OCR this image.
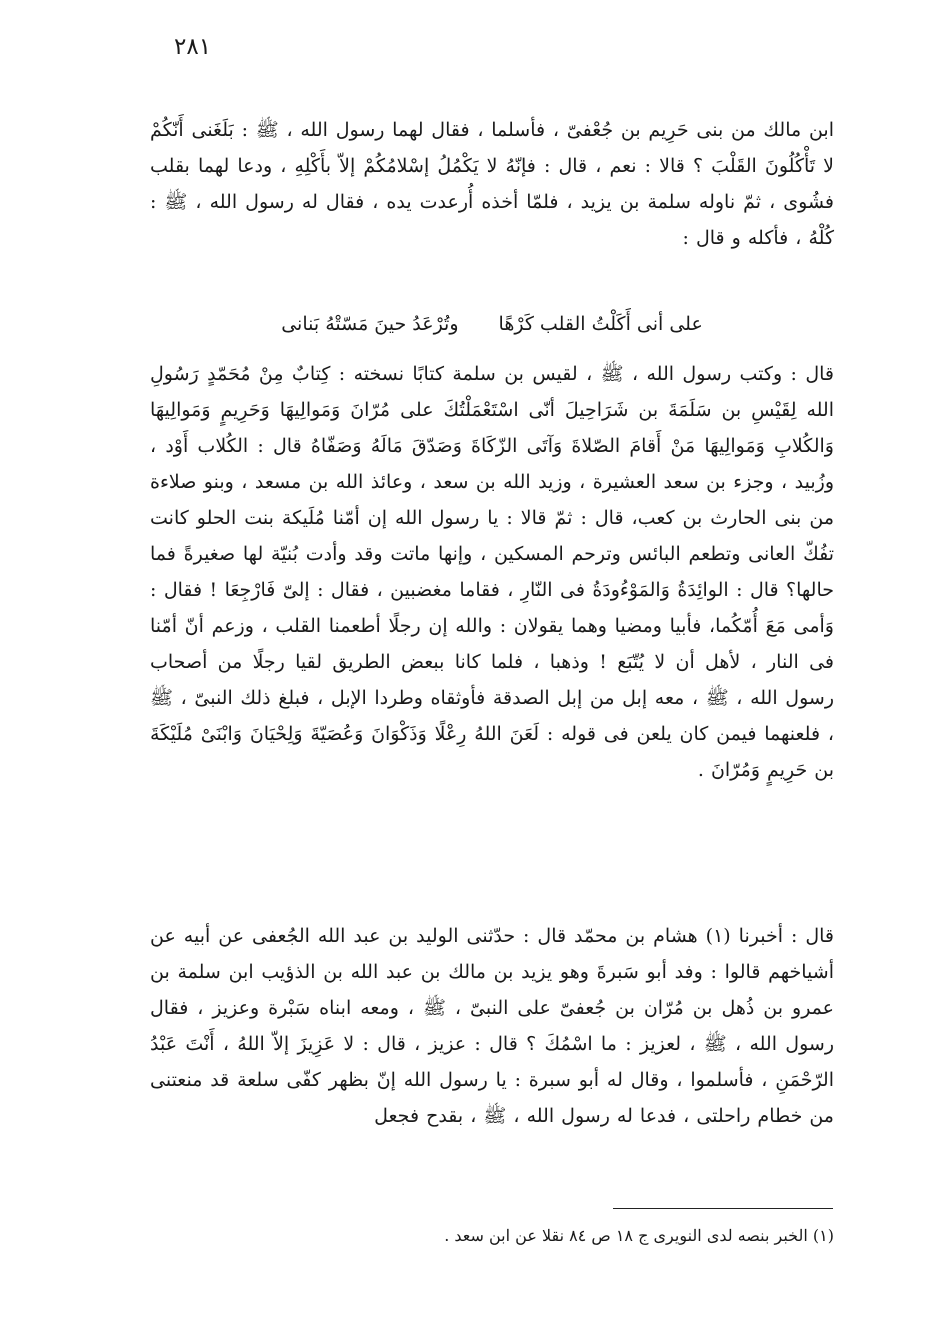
٢٨١

ابن مالك من بنى حَرِيم بن جُعْفىّ ، فأسلما ، فقال لهما رسول الله ، ﷺ : بَلَغَنى أَنّكُمْ لا تَأْكُلُونَ القَلْبَ ؟ قالا : نعم ، قال : فإنّهُ لا يَكْمُلُ إسْلامُكُمْ إلاّ بأَكْلِهِ ، ودعا لهما بقلب فشُوى ، ثمّ ناوله سلمة بن يزيد ، فلمّا أخذه أُرعدت يده ، فقال له رسول الله ، ﷺ : كُلْهُ ، فأكله و قال :

على أنى أَكَلْتُ القلب كَرْهًا
وتُرْعَدُ حينَ مَسّتْهُ بَنانى

قال : وكتب رسول الله ، ﷺ ، لقيس بن سلمة كتابًا نسخته : كِتابٌ مِنْ مُحَمّدٍ رَسُولِ الله لِقَيْسِ بن سَلَمَةَ بن شَرَاحِيلَ أنّى اسْتَعْمَلْتُكَ على مُرّانَ وَمَوالِيهَا وَحَرِيمٍ وَمَوالِيهَا وَالكُلابِ وَمَوالِيهَا مَنْ أَقامَ الصّلاةَ وَآتَى الزّكَاةَ وَصَدّقَ مَالَهُ وَصَفّاهُ قال : الكُلاب أَوْد ، وزُبيد ، وجزء بن سعد العشيرة ، وزيد الله بن سعد ، وعائذ الله بن مسعد ، وبنو صلاءة من بنى الحارث بن كعب، قال : ثمّ قالا : يا رسول الله إن أمّنا مُلَيكة بنت الحلو كانت تفُكّ العانى وتطعم البائس وترحم المسكين ، وإنها ماتت وقد وأدت بُنيّة لها صغيرةً فما حالها؟ قال : الوائِدَةُ وَالمَوْءُودَةُ فى النّارِ ، فقاما مغضبين ، فقال : إلىّ فَارْجِعَا ! فقال : وَأمى مَعَ أُمّكُما، فأبيا ومضيا وهما يقولان : والله إن رجلًا أطعمنا القلب ، وزعم أنّ أمّنا فى النار ، لأهل أن لا يُتّبَع ! وذهبا ، فلما كانا ببعض الطريق لقيا رجلًا من أصحاب رسول الله ، ﷺ ، معه إبل من إبل الصدقة فأوثقاه وطردا الإبل ، فبلغ ذلك النبىّ ، ﷺ ، فلعنهما فيمن كان يلعن فى قوله : لَعَنَ اللهُ رِعْلًا وَذَكْوَانَ وَعُصَيّةَ وَلِحْيَانَ وَابْنَىْ مُلَيْكَةَ بن حَرِيمٍ وَمُرّانَ .

قال : أخبرنا (١) هشام بن محمّد قال : حدّثنى الوليد بن عبد الله الجُعفى عن أبيه عن أشياخهم قالوا : وفد أبو سَبرةَ وهو يزيد بن مالك بن عبد الله بن الذؤيب ابن سلمة بن عمرو بن ذُهل بن مُرّان بن جُعفىّ على النبىّ ، ﷺ ، ومعه ابناه سَبْرة وعزيز ، فقال رسول الله ، ﷺ ، لعزيز : ما اسْمُكَ ؟ قال : عزيز ، قال : لا عَزِيزَ إلاّ اللهُ ، أَنْتَ عَبْدُ الرّحْمَنِ ، فأسلموا ، وقال له أبو سبرة : يا رسول الله إنّ بظهر كفّى سلعة قد منعتنى من خطام راحلتى ، فدعا له رسول الله ، ﷺ ، بقدح فجعل

(١) الخبر بنصه لدى النويرى ج ١٨ ص ٨٤ نقلا عن ابن سعد .
